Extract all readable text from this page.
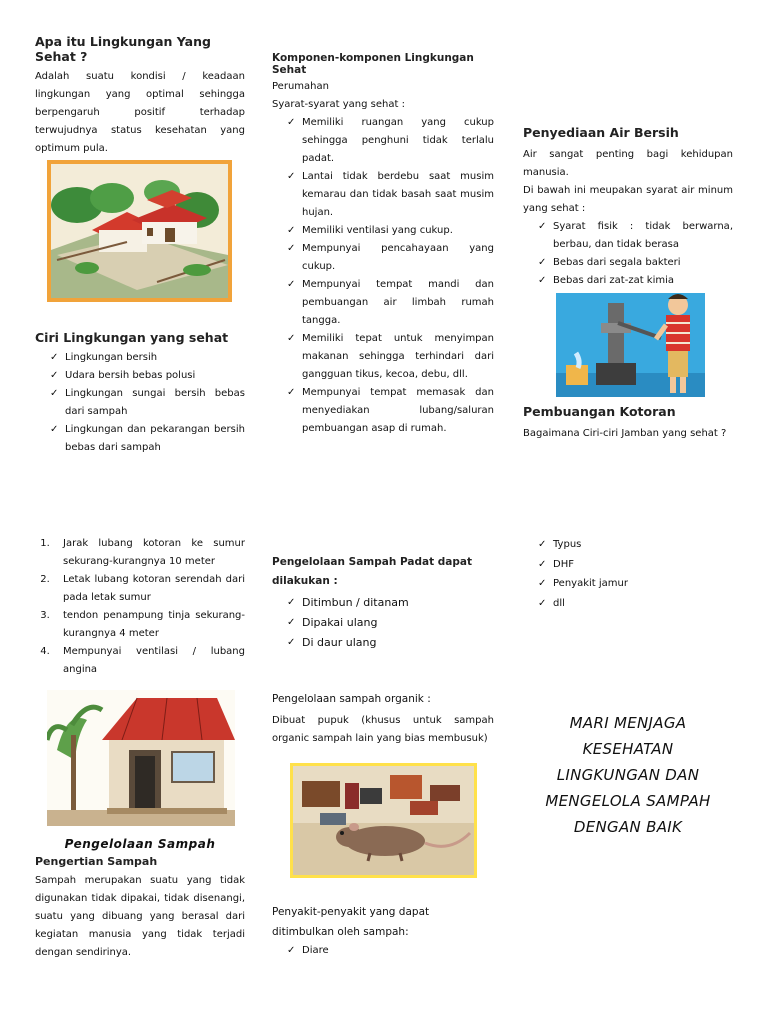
Apa itu Lingkungan Yang Sehat ?

Adalah suatu kondisi / keadaan lingkungan yang optimal sehingga berpengaruh positif terhadap terwujudnya status kesehatan yang optimum pula.

Ciri Lingkungan yang sehat
✓ Lingkungan bersih
✓ Udara bersih bebas polusi
✓ Lingkungan sungai bersih bebas dari sampah
✓ Lingkungan dan pekarangan bersih bebas dari sampah
Komponen-komponen Lingkungan Sehat

Perumahan

Syarat-syarat yang sehat :

✓ Memiliki ruangan yang cukup sehingga penghuni tidak terlalu padat.
✓ Lantai tidak berdebu saat musim kemarau dan tidak basah saat musim hujan.
✓ Memiliki ventilasi yang cukup.
✓ Mempunyai pencahayaan yang cukup.
✓ Mempunyai tempat mandi dan pembuangan air limbah rumah tangga.
✓ Memiliki tepat untuk menyimpan makanan sehingga terhindari dari gangguan tikus, kecoa, debu, dll.
✓ Mempunyai tempat memasak dan menyediakan lubang/saluran pembuangan asap di rumah.
Penyediaan Air Bersih

Air sangat penting bagi kehidupan manusia.

Di bawah ini meupakan syarat air minum yang sehat :

✓ Syarat fisik : tidak berwarna, berbau, dan tidak berasa
✓ Bebas dari segala bakteri
✓ Bebas dari zat-zat kimia
Pembuangan Kotoran

Bagaimana Ciri-ciri Jamban yang sehat ?

1. Jarak lubang kotoran ke sumur sekurang-kurangnya 10 meter
2. Letak lubang kotoran serendah dari pada letak sumur
3. tendon penampung tinja sekurang-kurangnya 4 meter
4. Mempunyai ventilasi / lubang angina
Pengelolaan Sampah
Pengertian Sampah

Sampah merupakan suatu yang tidak digunakan tidak dipakai, tidak disenangi, suatu yang dibuang yang berasal dari kegiatan manusia yang tidak terjadi dengan sendirinya.

Pengelolaan Sampah Padat dapat dilakukan :
✓ Ditimbun / ditanam
✓ Dipakai ulang
✓ Di daur ulang

Pengelolaan sampah organik :

Dibuat pupuk (khusus untuk sampah organic sampah lain yang bias membusuk)

Penyakit-penyakit yang dapat ditimbulkan oleh sampah:

✓ Diare
✓ Typus
✓ DHF
✓ Penyakit jamur
✓ dll

MARI MENJAGA

KESEHATAN

LINGKUNGAN DAN

MENGELOLA SAMPAH

DENGAN BAIK
